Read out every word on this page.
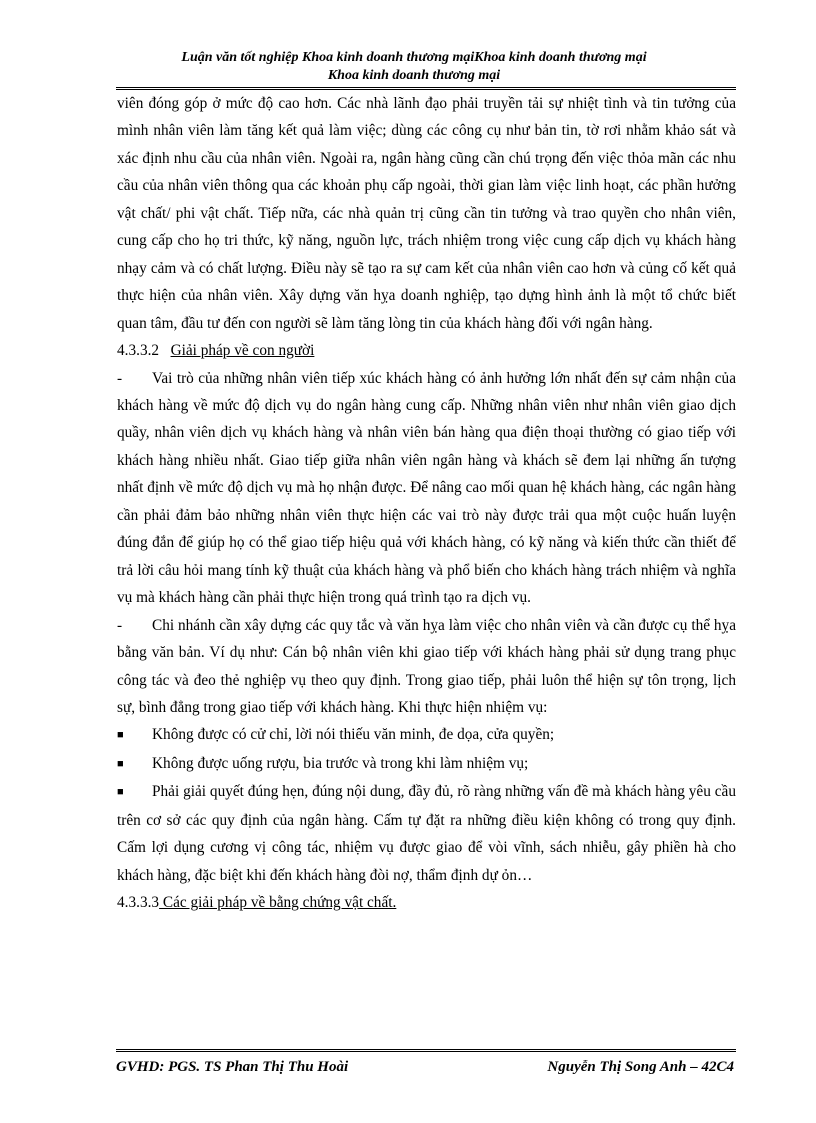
Luận văn tốt nghiệp Khoa kinh doanh thương mạiKhoa kinh doanh thương mại
Khoa kinh doanh thương mại

viên đóng góp ở mức độ cao hơn. Các nhà lãnh đạo phải truyền tải sự nhiệt tình và tin tưởng của mình nhân viên làm tăng kết quả làm việc; dùng các công cụ như bản tin, tờ rơi nhằm khảo sát và xác định nhu cầu của nhân viên. Ngoài ra, ngân hàng cũng cần chú trọng đến việc thỏa mãn các nhu cầu của nhân viên thông qua các khoản phụ cấp ngoài, thời gian làm việc linh hoạt, các phần hưởng vật chất/ phi vật chất. Tiếp nữa, các nhà quản trị cũng cần tin tưởng và trao quyền cho nhân viên, cung cấp cho họ tri thức, kỹ năng, nguồn lực, trách nhiệm trong việc cung cấp dịch vụ khách hàng nhạy cảm và có chất lượng. Điều này sẽ tạo ra sự cam kết của nhân viên cao hơn và củng cố kết quả thực hiện của nhân viên. Xây dựng văn hỵa doanh nghiệp, tạo dựng hình ảnh là một tổ chức biết quan tâm, đầu tư đến con người sẽ làm tăng lòng tin của khách hàng đối với ngân hàng.

4.3.3.2 Giải pháp về con người

- Vai trò của những nhân viên tiếp xúc khách hàng có ảnh hưởng lớn nhất đến sự cảm nhận của khách hàng về mức độ dịch vụ do ngân hàng cung cấp. Những nhân viên như nhân viên giao dịch quầy, nhân viên dịch vụ khách hàng và nhân viên bán hàng qua điện thoại thường có giao tiếp với khách hàng nhiều nhất. Giao tiếp giữa nhân viên ngân hàng và khách sẽ đem lại những ấn tượng nhất định về mức độ dịch vụ mà họ nhận được. Để nâng cao mối quan hệ khách hàng, các ngân hàng cần phải đảm bảo những nhân viên thực hiện các vai trò này được trải qua một cuộc huấn luyện đúng đắn để giúp họ có thể giao tiếp hiệu quả với khách hàng, có kỹ năng và kiến thức cần thiết để trả lời câu hỏi mang tính kỹ thuật của khách hàng và phổ biến cho khách hàng trách nhiệm và nghĩa vụ mà khách hàng cần phải thực hiện trong quá trình tạo ra dịch vụ.

- Chi nhánh cần xây dựng các quy tắc và văn hỵa làm việc cho nhân viên và cần được cụ thể hỵa bằng văn bản. Ví dụ như: Cán bộ nhân viên khi giao tiếp với khách hàng phải sử dụng trang phục công tác và đeo thẻ nghiệp vụ theo quy định. Trong giao tiếp, phải luôn thể hiện sự tôn trọng, lịch sự, bình đẳng trong giao tiếp với khách hàng. Khi thực hiện nhiệm vụ:

■ Không được có cử chỉ, lời nói thiếu văn minh, đe dọa, cửa quyền;

■ Không được uống rượu, bia trước và trong khi làm nhiệm vụ;

■ Phải giải quyết đúng hẹn, đúng nội dung, đầy đủ, rõ ràng những vấn đề mà khách hàng yêu cầu trên cơ sở các quy định của ngân hàng. Cấm tự đặt ra những điều kiện không có trong quy định. Cấm lợi dụng cương vị công tác, nhiệm vụ được giao để vòi vĩnh, sách nhiễu, gây phiền hà cho khách hàng, đặc biệt khi đến khách hàng đòi nợ, thẩm định dự ỏn…

4.3.3.3 Các giải pháp về bằng chứng vật chất.

GVHD: PGS. TS Phan Thị Thu Hoài	Nguyễn Thị Song Anh – 42C4
